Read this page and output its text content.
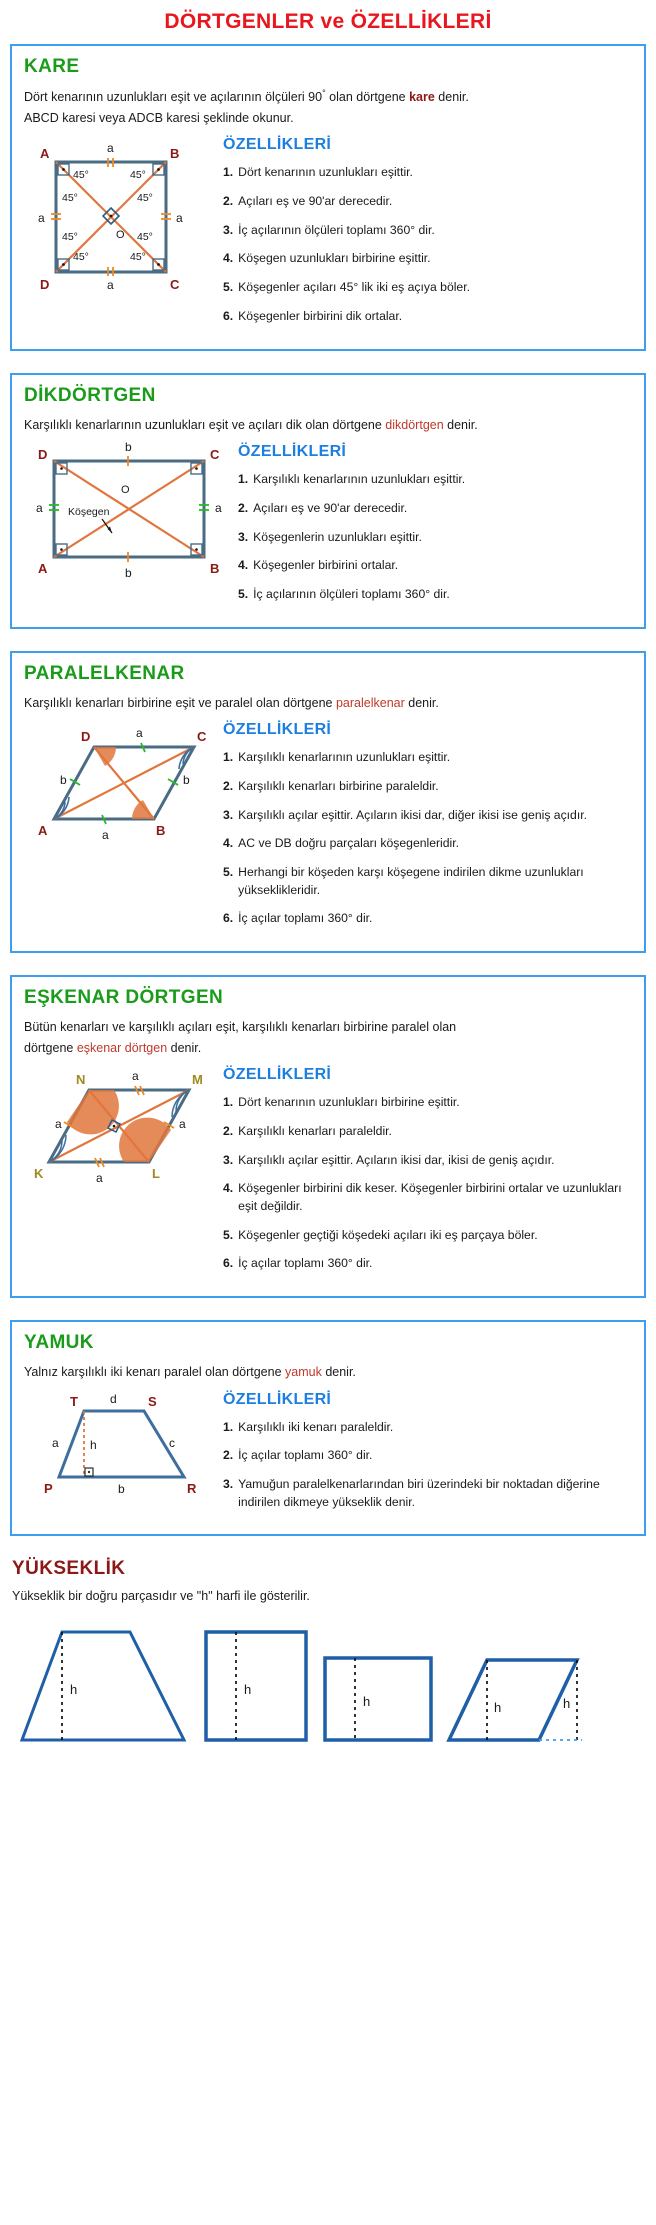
DÖRTGENLER ve ÖZELLİKLERİ
KARE
Dört kenarının uzunlukları eşit ve açılarının ölçüleri 90° olan dörtgene kare denir.
ABCD karesi veya ADCB karesi şeklinde okunur.
A	B
C
D
a
a
a	a
45°	45°
45°	45°
45°	45°
45°	45°
O
ÖZELLİKLERİ
1. Dört kenarının uzunlukları eşittir.
2. Açıları eş ve 90'ar derecedir.
3. İç açılarının ölçüleri toplamı 360° dir.
4. Köşegen uzunlukları birbirine eşittir.
5. Köşegenler açıları 45° lik iki eş açıya böler.
6. Köşegenler birbirini dik ortalar.
DİKDÖRTGEN
Karşılıklı kenarlarının uzunlukları eşit ve açıları dik olan dörtgene dikdörtgen denir.
Köşegen
D	C
B
A
b
b
a	a
O
ÖZELLİKLERİ
1. Karşılıklı kenarlarının uzunlukları eşittir.
2. Açıları eş ve 90'ar derecedir.
3. Köşegenlerin uzunlukları eşittir.
4. Köşegenler birbirini ortalar.
5. İç açılarının ölçüleri toplamı 360° dir.
PARALELKENAR
Karşılıklı kenarları birbirine eşit ve paralel olan dörtgene paralelkenar denir.
D	C
B
A
a
a
b	b
ÖZELLİKLERİ
1. Karşılıklı kenarlarının uzunlukları eşittir.
2. Karşılıklı kenarları birbirine paraleldir.
3. Karşılıklı açılar eşittir. Açıların ikisi dar, diğer ikisi ise geniş açıdır.
4. AC ve DB doğru parçaları köşegenleridir.
5. Herhangi bir köşeden karşı köşegene indirilen dikme uzunlukları yükseklikleridir.
6. İç açılar toplamı 360° dir.
EŞKENAR DÖRTGEN
Bütün kenarları ve karşılıklı açıları eşit, karşılıklı kenarları birbirine paralel olan
dörtgene eşkenar dörtgen denir.
N	M
L
K
a
a
a	a
ÖZELLİKLERİ
1. Dört kenarının uzunlukları birbirine eşittir.
2. Karşılıklı kenarları paraleldir.
3. Karşılıklı açılar eşittir. Açıların ikisi dar, ikisi de geniş açıdır.
4. Köşegenler birbirini dik keser. Köşegenler birbirini ortalar ve uzunlukları eşit değildir.
5. Köşegenler geçtiği köşedeki açıları iki eş parçaya böler.
6. İç açılar toplamı 360° dir.
YAMUK
Yalnız karşılıklı iki kenarı paralel olan dörtgene yamuk denir.
T	S
R
P
d
b
a	c
h
ÖZELLİKLERİ
1. Karşılıklı iki kenarı paraleldir.
2. İç açılar toplamı 360° dir.
3. Yamuğun paralelkenarlarından biri üzerindeki bir noktadan diğerine indirilen dikmeye yükseklik denir.
YÜKSEKLİK
Yükseklik bir doğru parçasıdır ve "h" harfi ile gösterilir.
h	h
h	h	h
